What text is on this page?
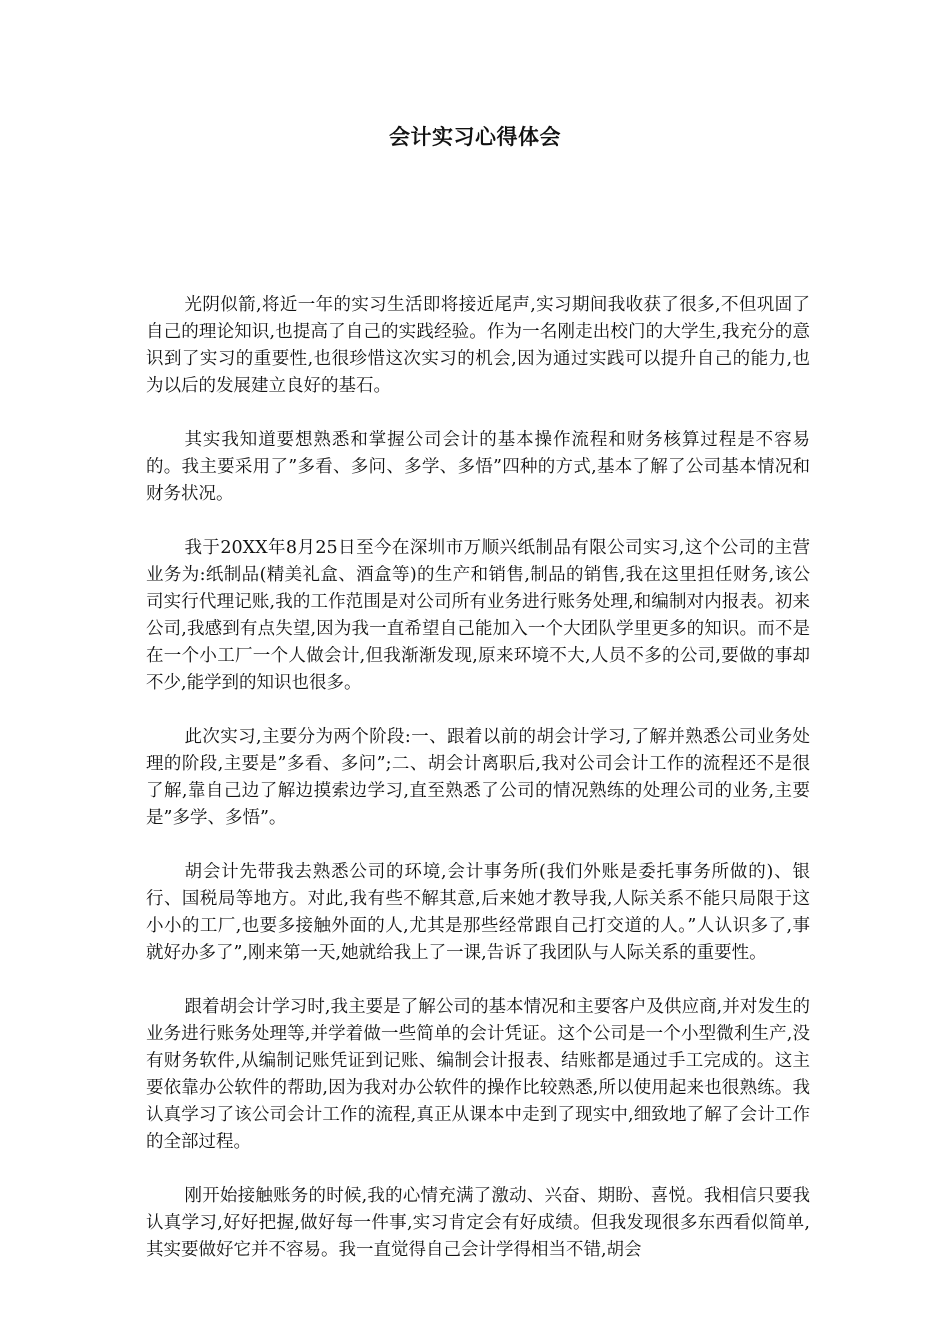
会计实习心得体会

光阴似箭,将近一年的实习生活即将接近尾声,实习期间我收获了很多,不但巩固了自己的理论知识,也提高了自己的实践经验。作为一名刚走出校门的大学生,我充分的意识到了实习的重要性,也很珍惜这次实习的机会,因为通过实践可以提升自己的能力,也为以后的发展建立良好的基石。

其实我知道要想熟悉和掌握公司会计的基本操作流程和财务核算过程是不容易的。我主要采用了”多看、多问、多学、多悟”四种的方式,基本了解了公司基本情况和财务状况。

我于20XX年8月25日至今在深圳市万顺兴纸制品有限公司实习,这个公司的主营业务为:纸制品(精美礼盒、酒盒等)的生产和销售,制品的销售,我在这里担任财务,该公司实行代理记账,我的工作范围是对公司所有业务进行账务处理,和编制对内报表。初来公司,我感到有点失望,因为我一直希望自己能加入一个大团队学里更多的知识。而不是在一个小工厂一个人做会计,但我渐渐发现,原来环境不大,人员不多的公司,要做的事却不少,能学到的知识也很多。

此次实习,主要分为两个阶段:一、跟着以前的胡会计学习,了解并熟悉公司业务处理的阶段,主要是”多看、多问”;二、胡会计离职后,我对公司会计工作的流程还不是很了解,靠自己边了解边摸索边学习,直至熟悉了公司的情况熟练的处理公司的业务,主要是”多学、多悟”。

胡会计先带我去熟悉公司的环境,会计事务所(我们外账是委托事务所做的)、银行、国税局等地方。对此,我有些不解其意,后来她才教导我,人际关系不能只局限于这小小的工厂,也要多接触外面的人,尤其是那些经常跟自己打交道的人。”人认识多了,事就好办多了”,刚来第一天,她就给我上了一课,告诉了我团队与人际关系的重要性。

跟着胡会计学习时,我主要是了解公司的基本情况和主要客户及供应商,并对发生的业务进行账务处理等,并学着做一些简单的会计凭证。这个公司是一个小型微利生产,没有财务软件,从编制记账凭证到记账、编制会计报表、结账都是通过手工完成的。这主要依靠办公软件的帮助,因为我对办公软件的操作比较熟悉,所以使用起来也很熟练。我认真学习了该公司会计工作的流程,真正从课本中走到了现实中,细致地了解了会计工作的全部过程。

刚开始接触账务的时候,我的心情充满了激动、兴奋、期盼、喜悦。我相信只要我认真学习,好好把握,做好每一件事,实习肯定会有好成绩。但我发现很多东西看似简单,其实要做好它并不容易。我一直觉得自己会计学得相当不错,胡会
